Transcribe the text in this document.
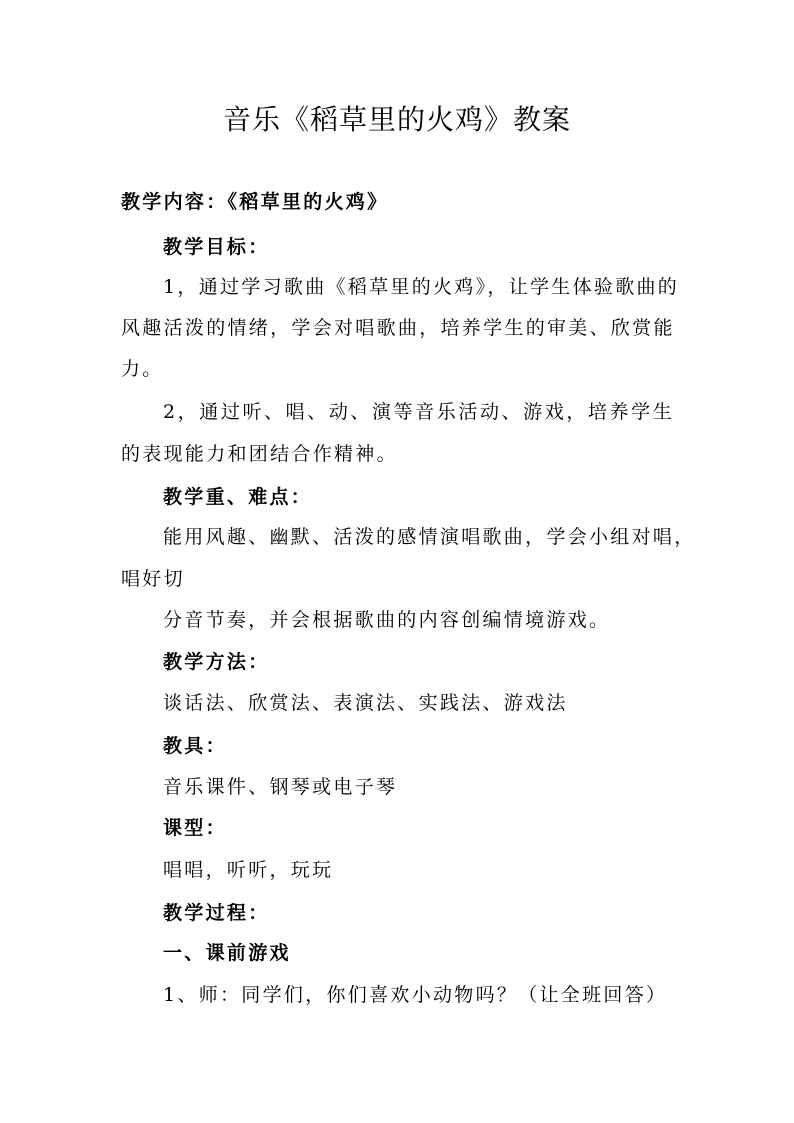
音乐《稻草里的火鸡》教案
教学内容：《稻草里的火鸡》
教学目标：
1，通过学习歌曲《稻草里的火鸡》，让学生体验歌曲的
风趣活泼的情绪，学会对唱歌曲，培养学生的审美、欣赏能
力。
2，通过听、唱、动、演等音乐活动、游戏，培养学生
的表现能力和团结合作精神。
教学重、难点：
能用风趣、幽默、活泼的感情演唱歌曲，学会小组对唱，
唱好切
分音节奏，并会根据歌曲的内容创编情境游戏。
教学方法：
谈话法、欣赏法、表演法、实践法、游戏法
教具：
音乐课件、钢琴或电子琴
课型：
唱唱，听听，玩玩
教学过程：
一、课前游戏
1、师：同学们，你们喜欢小动物吗？（让全班回答）
